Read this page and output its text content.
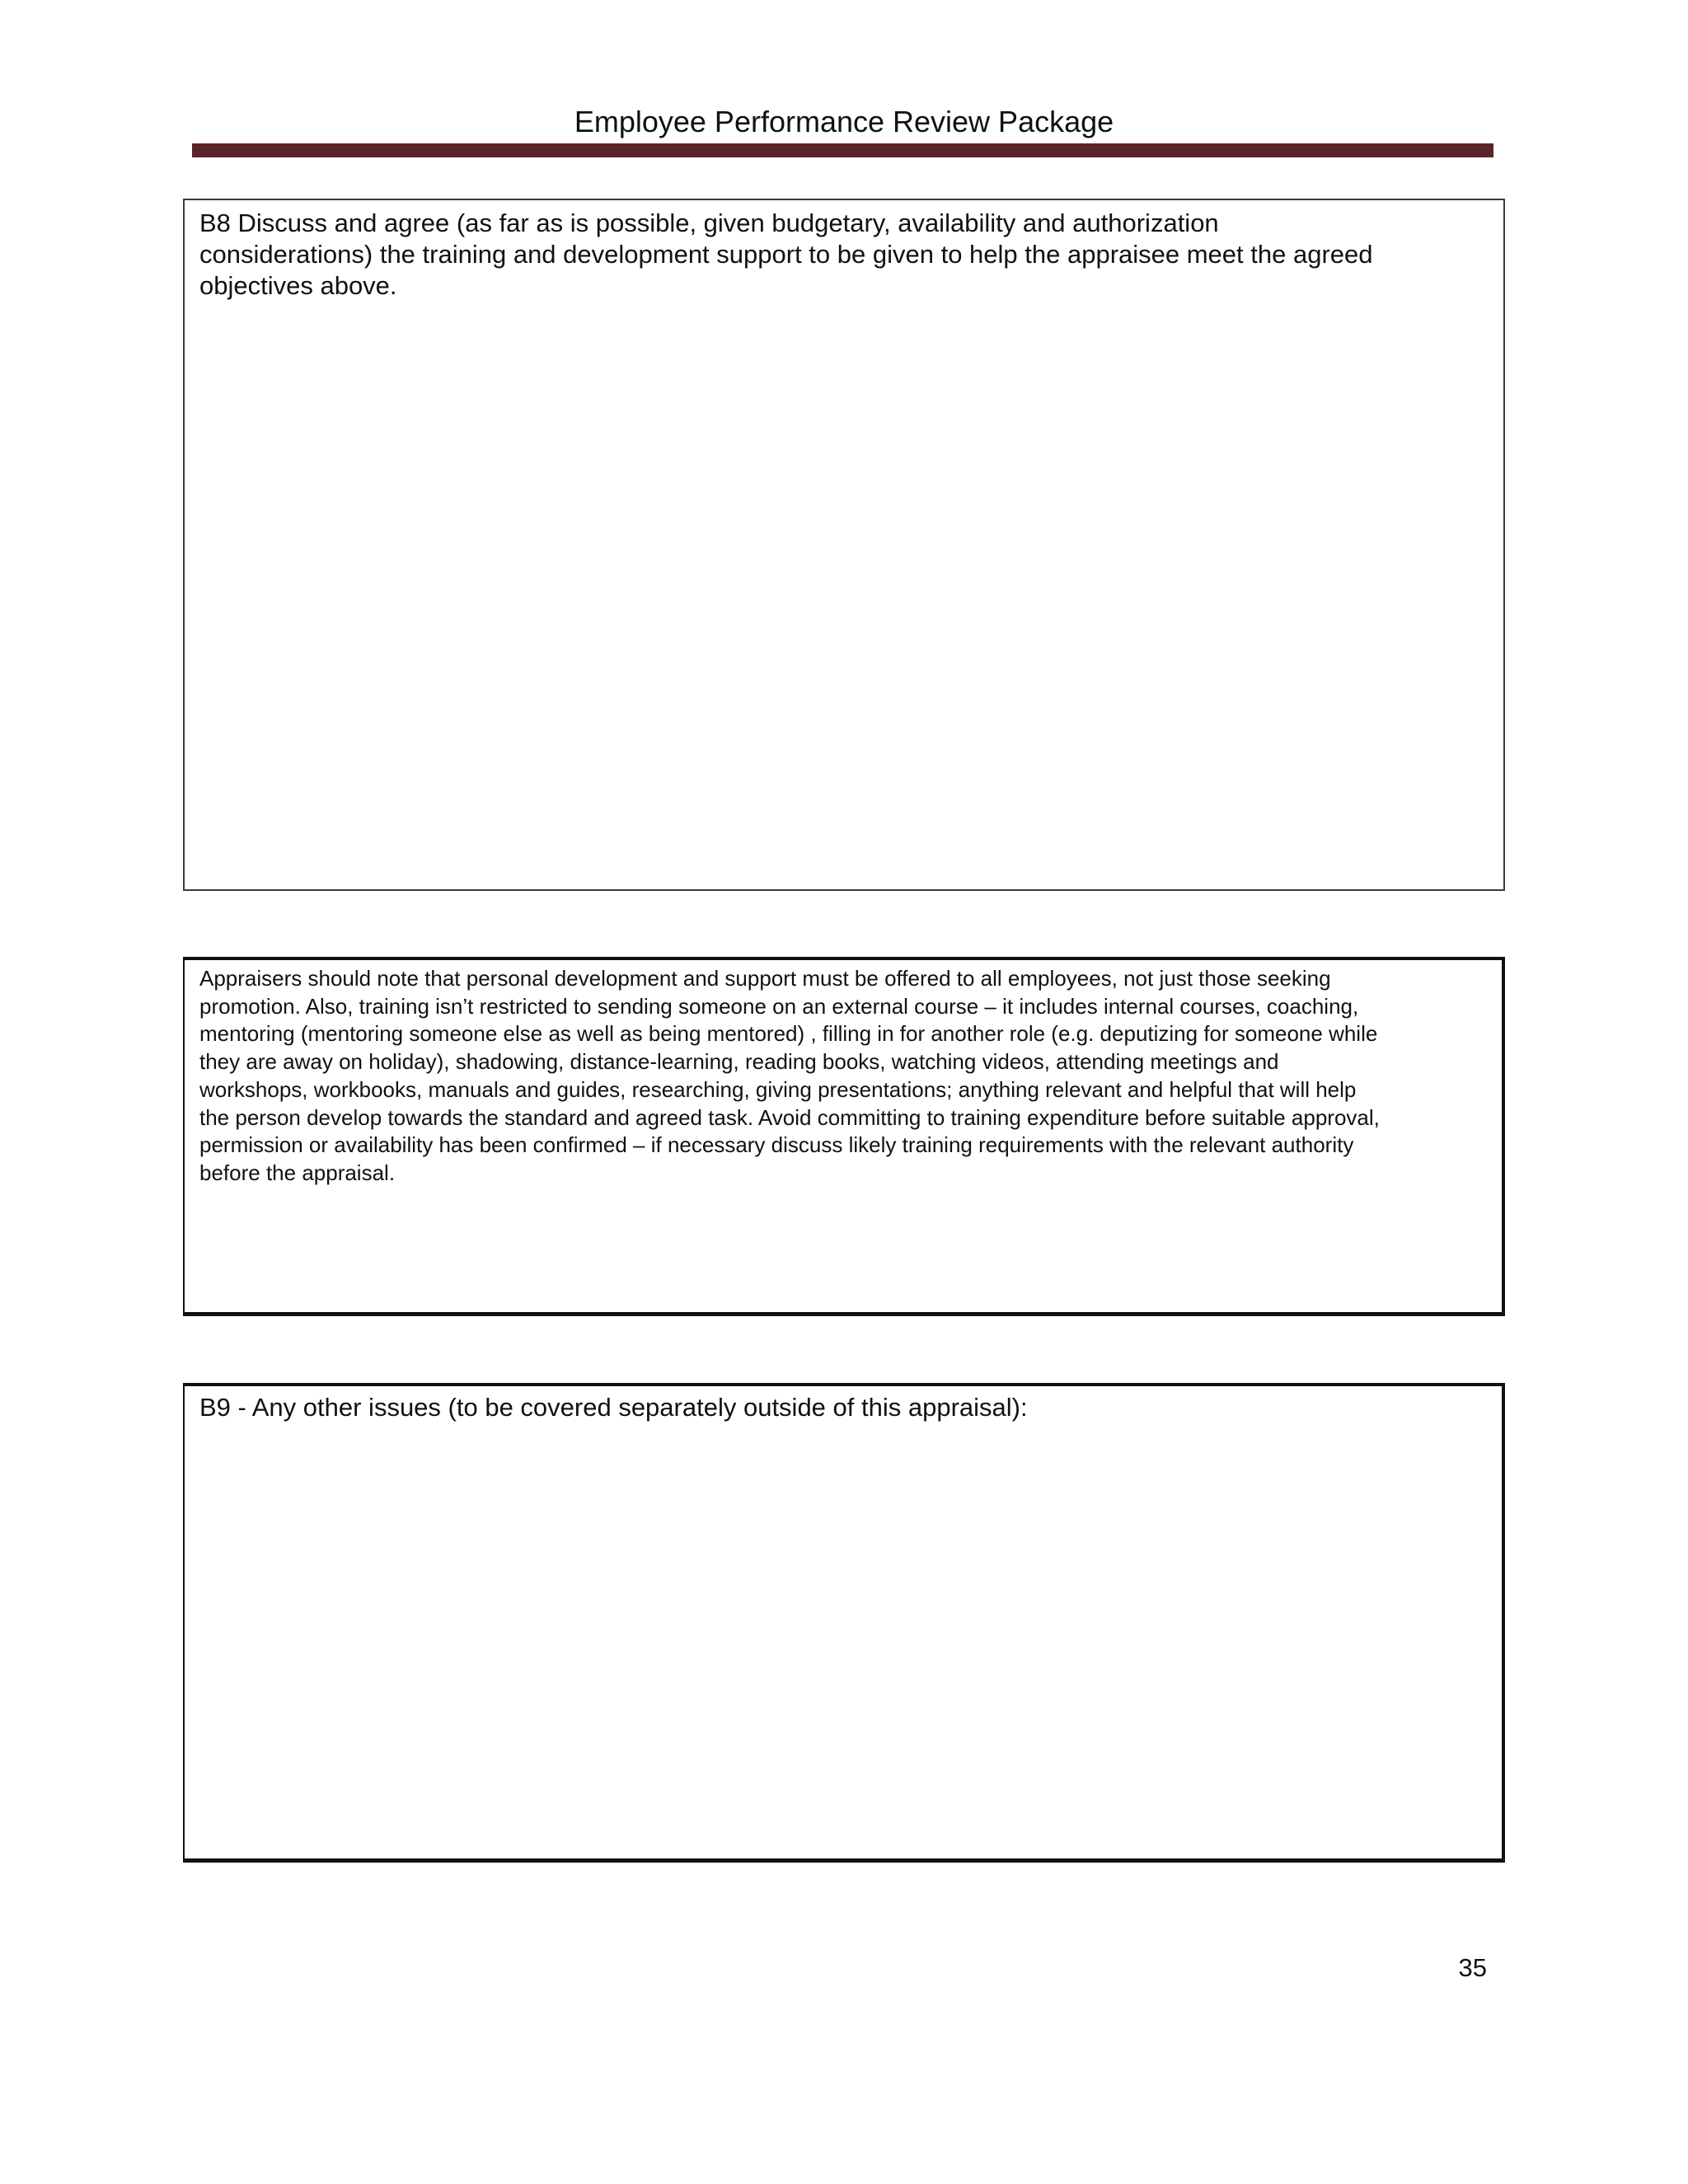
Employee Performance Review Package

B8 Discuss and agree (as far as is possible, given budgetary, availability and authorization considerations) the training and development support to be given to help the appraisee meet the agreed objectives above.

Appraisers should note that personal development and support must be offered to all employees, not just those seeking promotion. Also, training isn’t restricted to sending someone on an external course – it includes internal courses, coaching, mentoring (mentoring someone else as well as being mentored) , filling in for another role (e.g. deputizing for someone while they are away on holiday), shadowing, distance-learning, reading books, watching videos, attending meetings and workshops, workbooks, manuals and guides, researching, giving presentations; anything relevant and helpful that will help the person develop towards the standard and agreed task. Avoid committing to training expenditure before suitable approval, permission or availability has been confirmed – if necessary discuss likely training requirements with the relevant authority before the appraisal.

B9 - Any other issues (to be covered separately outside of this appraisal):

35
